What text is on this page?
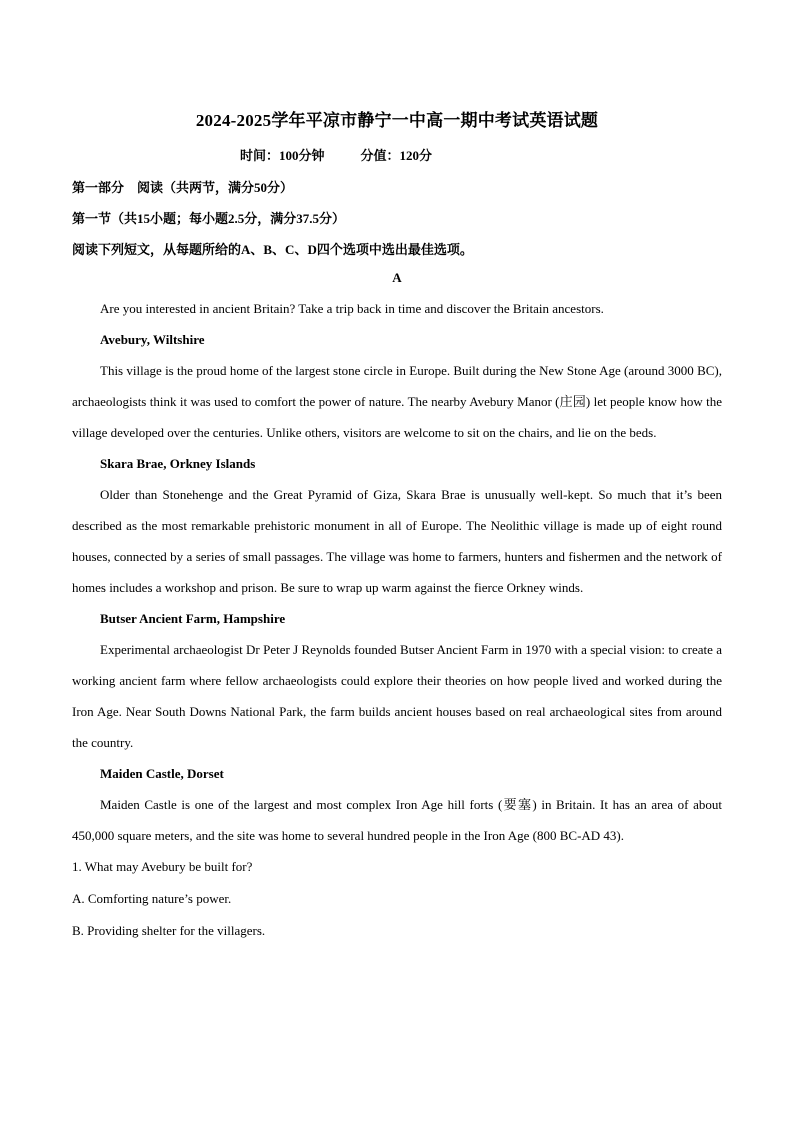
2024-2025学年平凉市静宁一中高一期中考试英语试题
时间：100分钟	分值：120分
第一部分　阅读（共两节，满分50分）
第一节（共15小题；每小题2.5分，满分37.5分）
阅读下列短文，从每题所给的A、B、C、D四个选项中选出最佳选项。
A

Are you interested in ancient Britain? Take a trip back in time and discover the Britain ancestors.

Avebury, Wiltshire

This village is the proud home of the largest stone circle in Europe. Built during the New Stone Age (around 3000 BC), archaeologists think it was used to comfort the power of nature. The nearby Avebury Manor (庄园) let people know how the village developed over the centuries. Unlike others, visitors are welcome to sit on the chairs, and lie on the beds.

Skara Brae, Orkney Islands

Older than Stonehenge and the Great Pyramid of Giza, Skara Brae is unusually well-kept. So much that it’s been described as the most remarkable prehistoric monument in all of Europe. The Neolithic village is made up of eight round houses, connected by a series of small passages. The village was home to farmers, hunters and fishermen and the network of homes includes a workshop and prison. Be sure to wrap up warm against the fierce Orkney winds.

Butser Ancient Farm, Hampshire

Experimental archaeologist Dr Peter J Reynolds founded Butser Ancient Farm in 1970 with a special vision: to create a working ancient farm where fellow archaeologists could explore their theories on how people lived and worked during the Iron Age. Near South Downs National Park, the farm builds ancient houses based on real archaeological sites from around the country.

Maiden Castle, Dorset

Maiden Castle is one of the largest and most complex Iron Age hill forts (要塞) in Britain. It has an area of about 450,000 square meters, and the site was home to several hundred people in the Iron Age (800 BC-AD 43).

1. What may Avebury be built for?

A. Comforting nature’s power.

B. Providing shelter for the villagers.
